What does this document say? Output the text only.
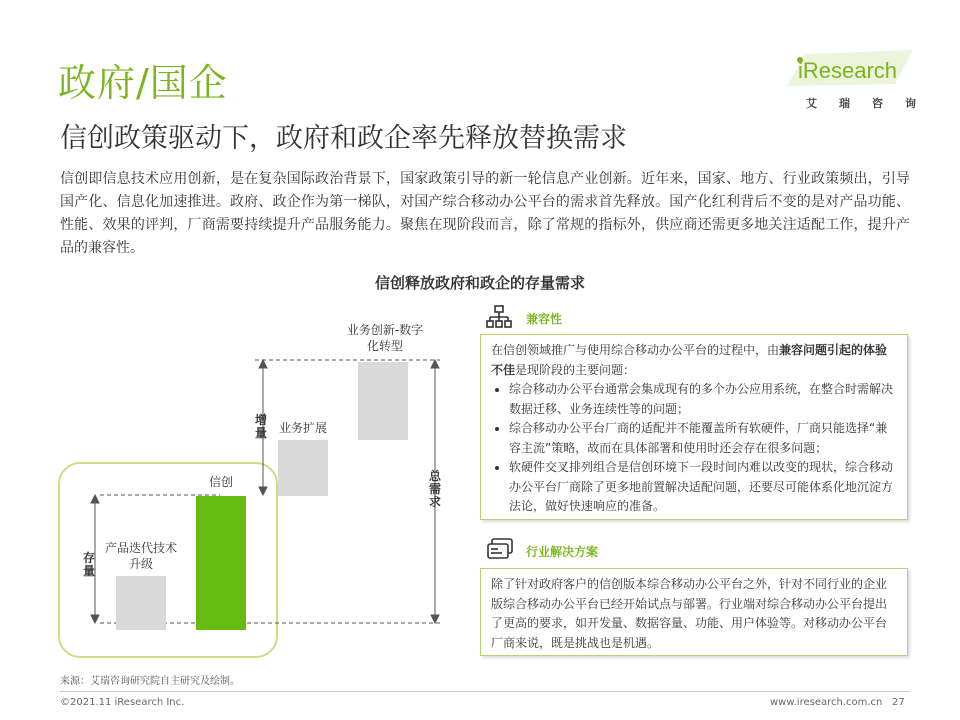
政府/国企
信创政策驱动下，政府和政企率先释放替换需求
iResearch
艾瑞咨询
信创即信息技术应用创新，是在复杂国际政治背景下，国家政策引导的新一轮信息产业创新。近年来，国家、地方、行业政策频出，引导国产化、信息化加速推进。政府、政企作为第一梯队，对国产综合移动办公平台的需求首先释放。国产化红利背后不变的是对产品功能、性能、效果的评判，厂商需要持续提升产品服务能力。聚焦在现阶段而言，除了常规的指标外，供应商还需更多地关注适配工作，提升产品的兼容性。
信创释放政府和政企的存量需求
业务创新-数字化转型
业务扩展
信创
产品迭代技术升级
增量
存量
总需求
兼容性
在信创领域推广与使用综合移动办公平台的过程中，由兼容问题引起的体验不佳是现阶段的主要问题：
• 综合移动办公平台通常会集成现有的多个办公应用系统，在整合时需解决数据迁移、业务连续性等的问题；
• 综合移动办公平台厂商的适配并不能覆盖所有软硬件，厂商只能选择“兼容主流”策略，故而在具体部署和使用时还会存在很多问题；
• 软硬件交叉排列组合是信创环境下一段时间内难以改变的现状，综合移动办公平台厂商除了更多地前置解决适配问题，还要尽可能体系化地沉淀方法论，做好快速响应的准备。
行业解决方案
除了针对政府客户的信创版本综合移动办公平台之外，针对不同行业的企业版综合移动办公平台已经开始试点与部署。行业端对综合移动办公平台提出了更高的要求，如开发量、数据容量、功能、用户体验等。对移动办公平台厂商来说，既是挑战也是机遇。
来源：艾瑞咨询研究院自主研究及绘制。
©2021.11 iResearch Inc.	www.iresearch.com.cn 27
